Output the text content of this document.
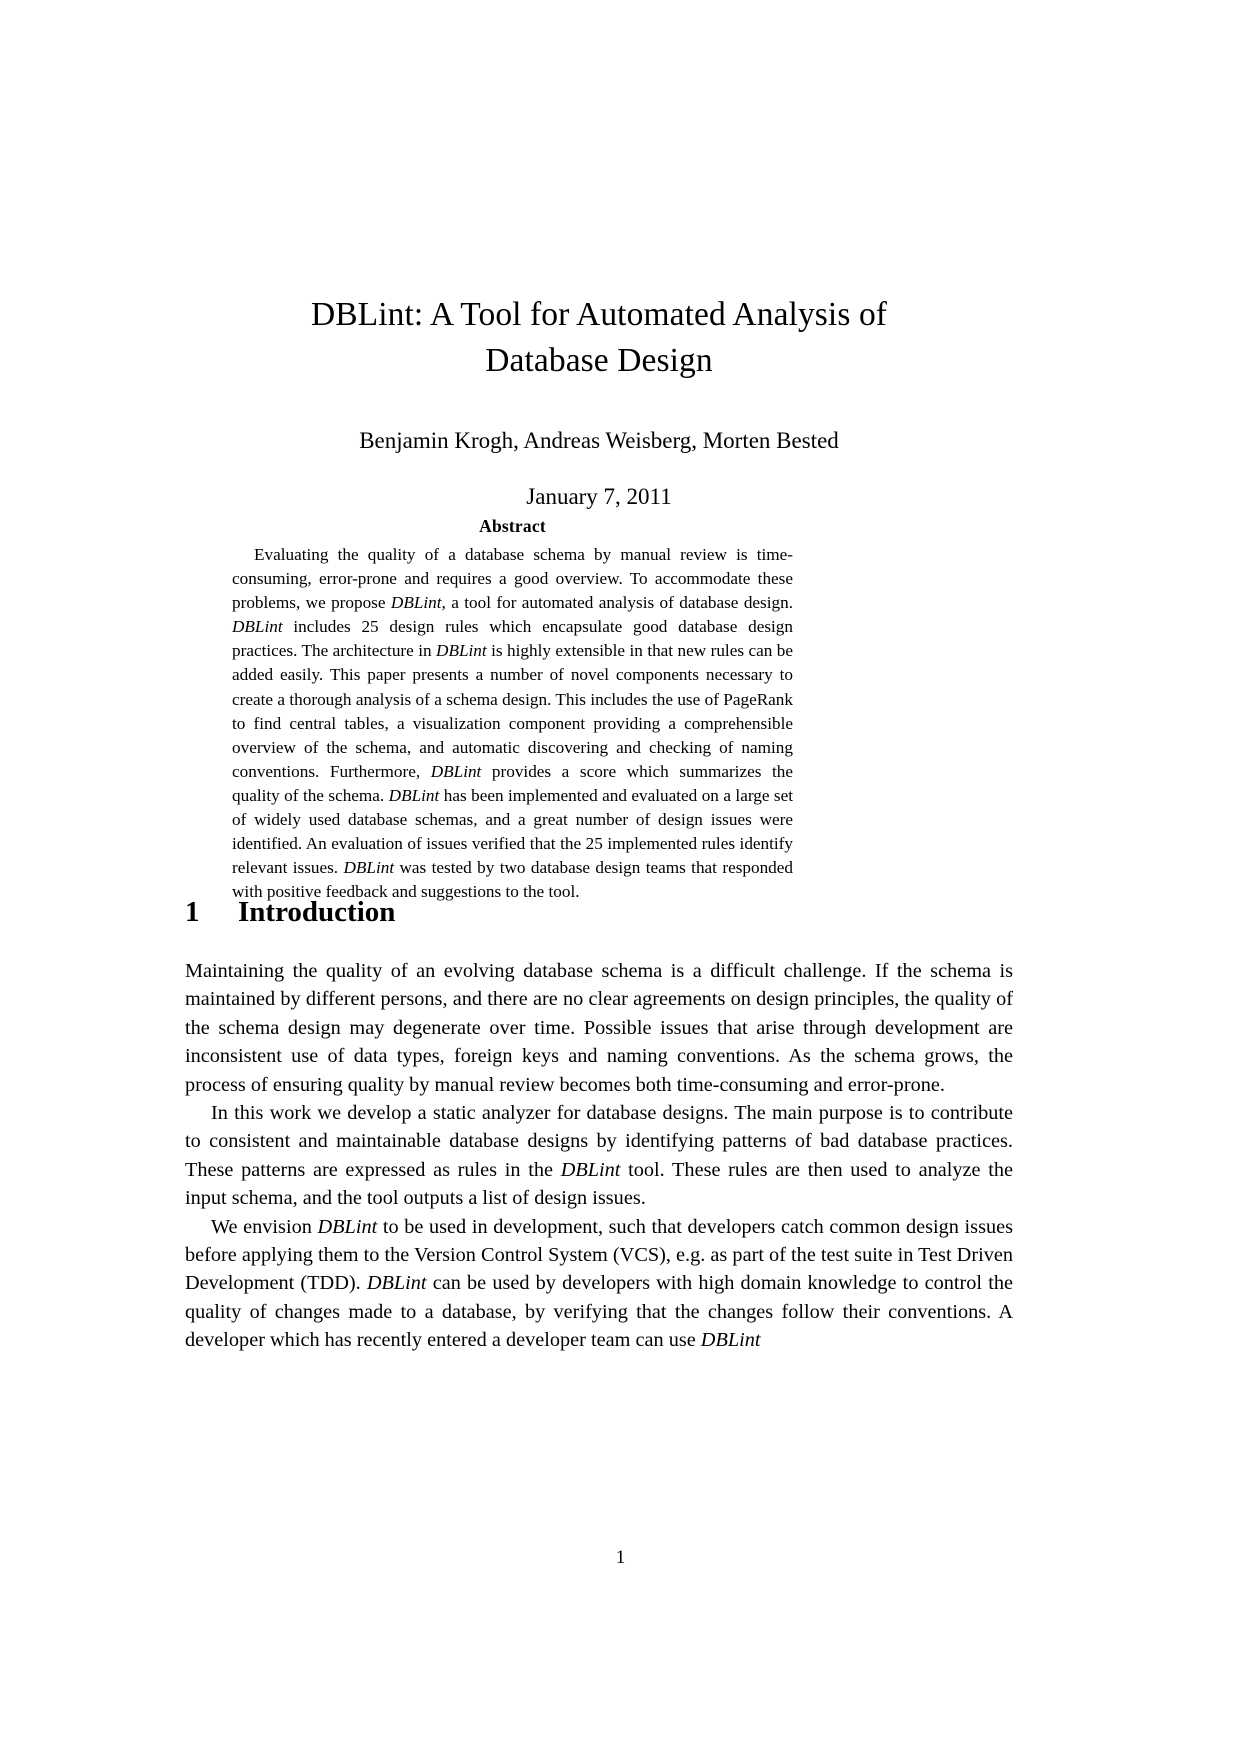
DBLint: A Tool for Automated Analysis of
Database Design
Benjamin Krogh, Andreas Weisberg, Morten Bested
January 7, 2011
Abstract

Evaluating the quality of a database schema by manual review is time-consuming, error-prone and requires a good overview. To accommodate these problems, we propose DBLint, a tool for automated analysis of database design. DBLint includes 25 design rules which encapsulate good database design practices. The architecture in DBLint is highly extensible in that new rules can be added easily. This paper presents a number of novel components necessary to create a thorough analysis of a schema design. This includes the use of PageRank to find central tables, a visualization component providing a comprehensible overview of the schema, and automatic discovering and checking of naming conventions. Furthermore, DBLint provides a score which summarizes the quality of the schema. DBLint has been implemented and evaluated on a large set of widely used database schemas, and a great number of design issues were identified. An evaluation of issues verified that the 25 implemented rules identify relevant issues. DBLint was tested by two database design teams that responded with positive feedback and suggestions to the tool.

1 Introduction

Maintaining the quality of an evolving database schema is a difficult challenge. If the schema is maintained by different persons, and there are no clear agreements on design principles, the quality of the schema design may degenerate over time. Possible issues that arise through development are inconsistent use of data types, foreign keys and naming conventions. As the schema grows, the process of ensuring quality by manual review becomes both time-consuming and error-prone.

In this work we develop a static analyzer for database designs. The main purpose is to contribute to consistent and maintainable database designs by identifying patterns of bad database practices. These patterns are expressed as rules in the DBLint tool. These rules are then used to analyze the input schema, and the tool outputs a list of design issues.

We envision DBLint to be used in development, such that developers catch common design issues before applying them to the Version Control System (VCS), e.g. as part of the test suite in Test Driven Development (TDD). DBLint can be used by developers with high domain knowledge to control the quality of changes made to a database, by verifying that the changes follow their conventions. A developer which has recently entered a developer team can use DBLint

1
